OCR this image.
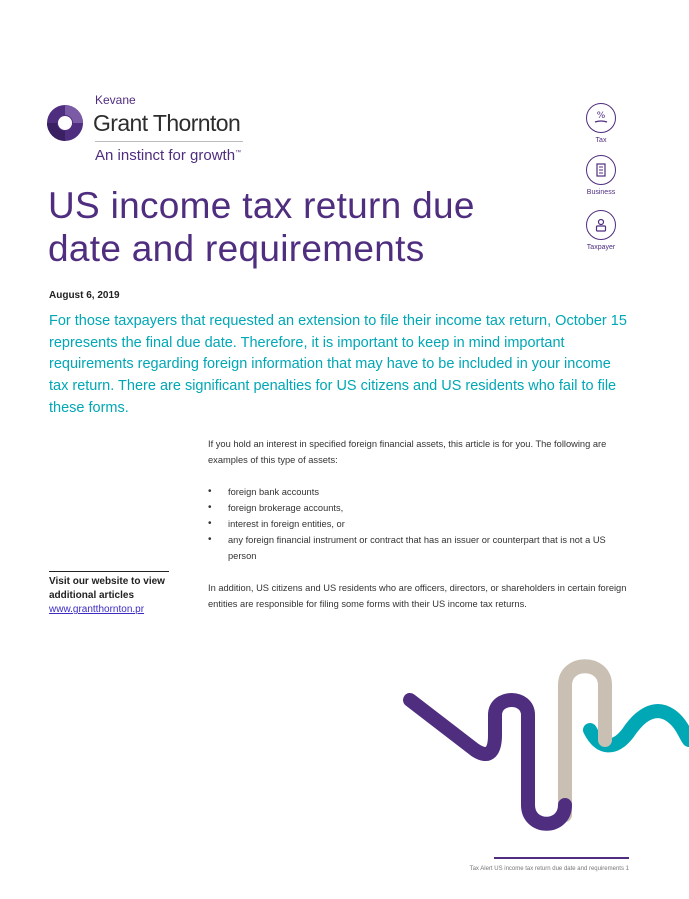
Kevane
Grant Thornton
An instinct for growth™
%
Tax
Business
Taxpayer
US income tax return due
date and requirements
August 6, 2019

For those taxpayers that requested an extension to file their income tax return, October 15 represents the final due date. Therefore, it is important to keep in mind important requirements regarding foreign information that may have to be included in your income tax return. There are significant penalties for US citizens and US residents who fail to file these forms.

If you hold an interest in specified foreign financial assets, this article is for you. The following are examples of this type of assets:

• foreign bank accounts
• foreign brokerage accounts,
• interest in foreign entities, or
• any foreign financial instrument or contract that has an issuer or counterpart that is not a US person

In addition, US citizens and US residents who are officers, directors, or shareholders in certain foreign entities are responsible for filing some forms with their US income tax returns.

Visit our website to view additional articles
www.grantthornton.pr
Tax Alert US income tax return due date and requirements 1
